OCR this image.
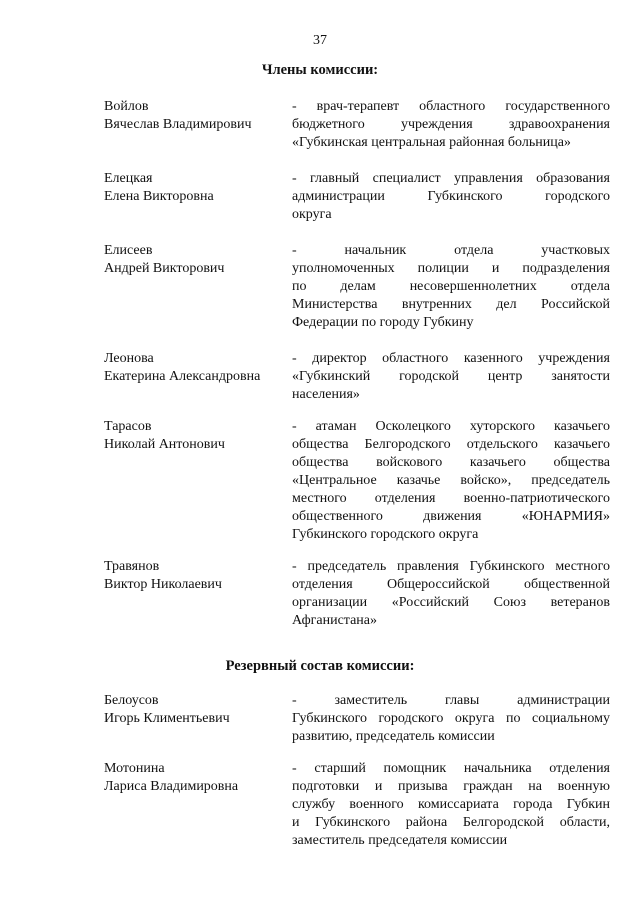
37
Члены комиссии:
Войлов
Вячеслав Владимирович
- врач-терапевт областного государственного
бюджетного учреждения здравоохранения
«Губкинская центральная районная больница»
Елецкая
Елена Викторовна
- главный специалист управления образования
администрации Губкинского городского
округа
Елисеев
Андрей Викторович
- начальник отдела участковых
уполномоченных полиции и подразделения
по делам несовершеннолетних отдела
Министерства внутренних дел Российской
Федерации по городу Губкину
Леонова
Екатерина Александровна
- директор областного казенного учреждения
«Губкинский городской центр занятости
населения»
Тарасов
Николай Антонович
- атаман Осколецкого хуторского казачьего
общества Белгородского отдельского казачьего
общества войскового казачьего общества
«Центральное казачье войско», председатель
местного отделения военно-патриотического
общественного движения «ЮНАРМИЯ»
Губкинского городского округа
Травянов
Виктор Николаевич
- председатель правления Губкинского местного
отделения Общероссийской общественной
организации «Российский Союз ветеранов
Афганистана»
Резервный состав комиссии:
Белоусов
Игорь Климентьевич
- заместитель главы администрации
Губкинского городского округа по социальному
развитию, председатель комиссии
Мотонина
Лариса Владимировна
- старший помощник начальника отделения
подготовки и призыва граждан на военную
службу военного комиссариата города Губкин
и Губкинского района Белгородской области,
заместитель председателя комиссии
